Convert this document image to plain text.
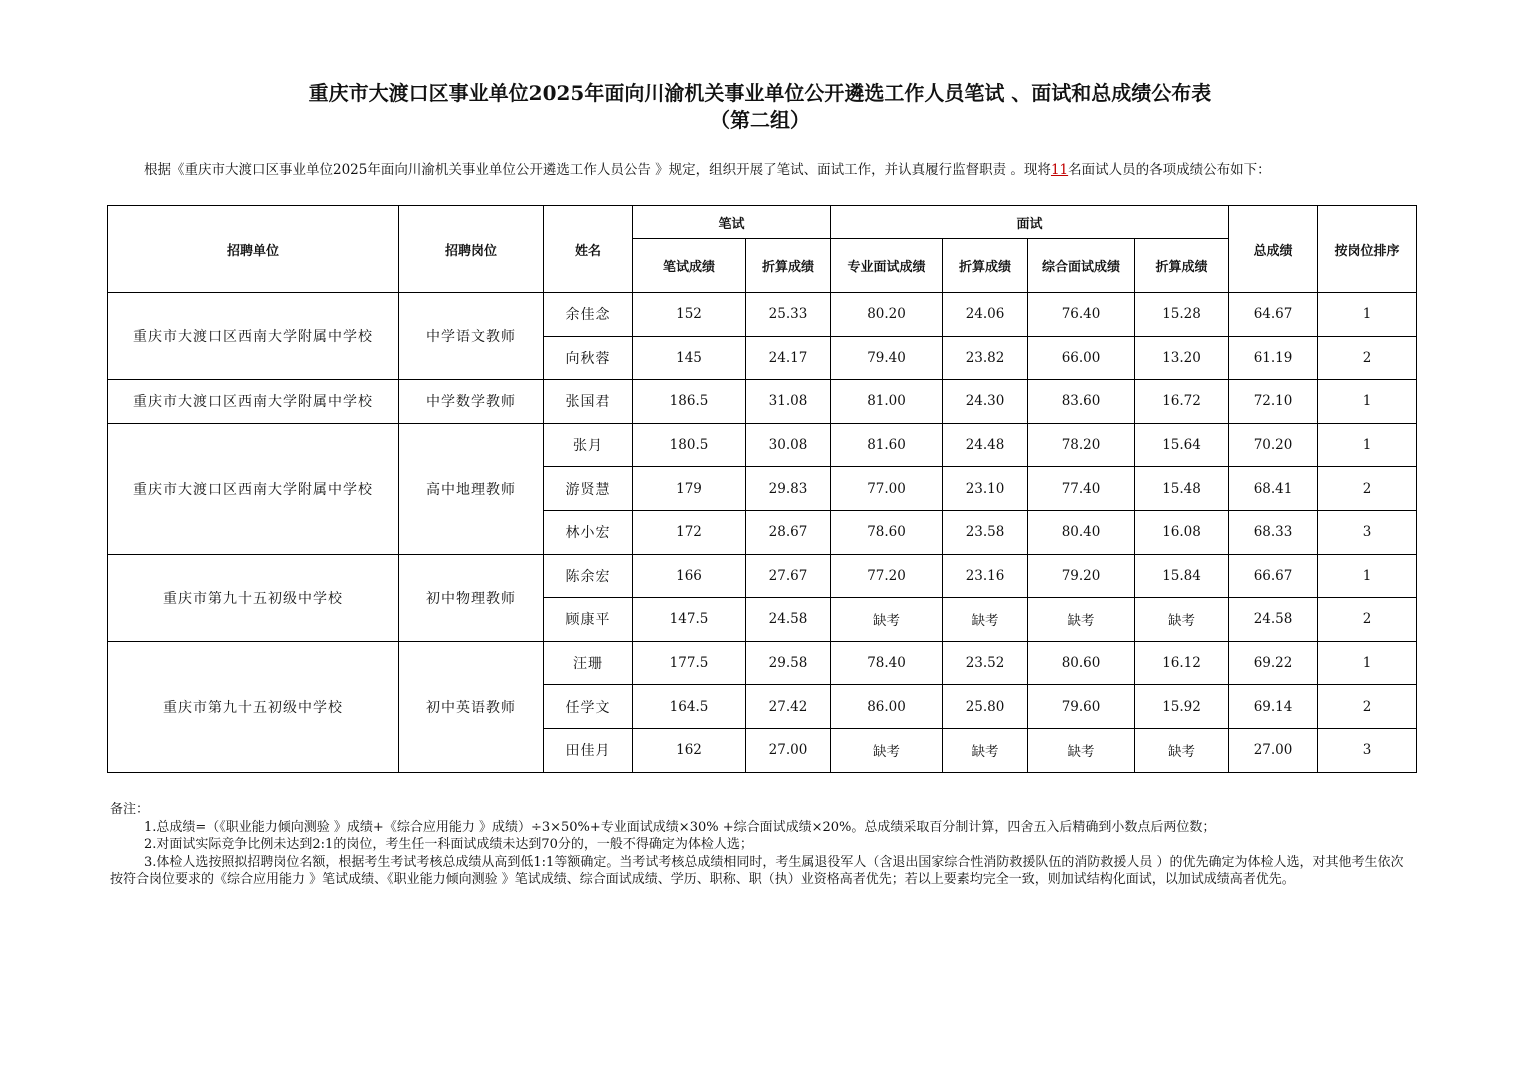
重庆市大渡口区事业单位2025年面向川渝机关事业单位公开遴选工作人员笔试 、面试和总成绩公布表
（第二组）
根据《重庆市大渡口区事业单位2025年面向川渝机关事业单位公开遴选工作人员公告 》规定，组织开展了笔试、面试工作，并认真履行监督职责 。现将11名面试人员的各项成绩公布如下：
招聘单位	招聘岗位	姓名	笔试		面试				总成绩	按岗位排序
			笔试成绩	折算成绩	专业面试成绩	折算成绩	综合面试成绩	折算成绩		
重庆市大渡口区西南大学附属中学校	中学语文教师	余佳念	152	25.33	80.20	24.06	76.40	15.28	64.67	1
		向秋蓉	145	24.17	79.40	23.82	66.00	13.20	61.19	2
重庆市大渡口区西南大学附属中学校	中学数学教师	张国君	186.5	31.08	81.00	24.30	83.60	16.72	72.10	1
重庆市大渡口区西南大学附属中学校	高中地理教师	张月	180.5	30.08	81.60	24.48	78.20	15.64	70.20	1
		游贤慧	179	29.83	77.00	23.10	77.40	15.48	68.41	2
		林小宏	172	28.67	78.60	23.58	80.40	16.08	68.33	3
重庆市第九十五初级中学校	初中物理教师	陈余宏	166	27.67	77.20	23.16	79.20	15.84	66.67	1
		顾康平	147.5	24.58	缺考	缺考	缺考	缺考	24.58	2
重庆市第九十五初级中学校	初中英语教师	汪珊	177.5	29.58	78.40	23.52	80.60	16.12	69.22	1
		任学文	164.5	27.42	86.00	25.80	79.60	15.92	69.14	2
		田佳月	162	27.00	缺考	缺考	缺考	缺考	27.00	3
备注：
1.总成绩=（《职业能力倾向测验 》成绩+《综合应用能力 》成绩）÷3×50%+专业面试成绩×30% +综合面试成绩×20%。总成绩采取百分制计算，四舍五入后精确到小数点后两位数；
2.对面试实际竞争比例未达到2:1的岗位，考生任一科面试成绩未达到70分的，一般不得确定为体检人选；
3.体检人选按照拟招聘岗位名额，根据考生考试考核总成绩从高到低1:1等额确定。当考试考核总成绩相同时，考生属退役军人（含退出国家综合性消防救援队伍的消防救援人员 ）的优先确定为体检人选，对其他考生依次按符合岗位要求的《综合应用能力 》笔试成绩、《职业能力倾向测验 》笔试成绩、综合面试成绩、学历、职称、职（执）业资格高者优先；若以上要素均完全一致，则加试结构化面试，以加试成绩高者优先。
